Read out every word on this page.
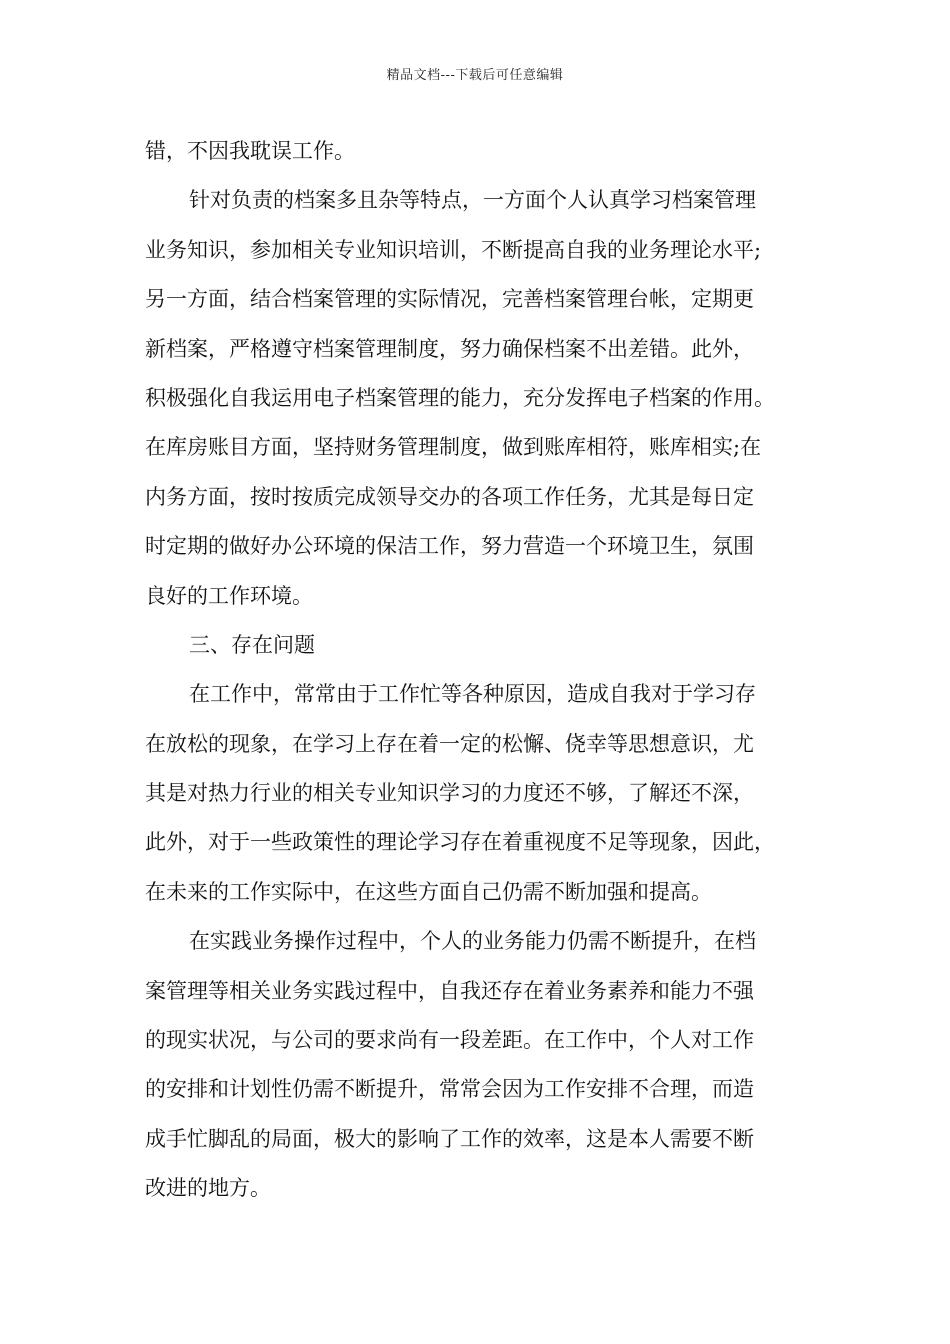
精品文档---下载后可任意编辑
错，不因我耽误工作。
针对负责的档案多且杂等特点，一方面个人认真学习档案管理
业务知识，参加相关专业知识培训，不断提高自我的业务理论水平;
另一方面，结合档案管理的实际情况，完善档案管理台帐，定期更
新档案，严格遵守档案管理制度，努力确保档案不出差错。此外，
积极强化自我运用电子档案管理的能力，充分发挥电子档案的作用。
在库房账目方面，坚持财务管理制度，做到账库相符，账库相实;在
内务方面，按时按质完成领导交办的各项工作任务，尤其是每日定
时定期的做好办公环境的保洁工作，努力营造一个环境卫生，氛围
良好的工作环境。
三、存在问题
在工作中，常常由于工作忙等各种原因，造成自我对于学习存
在放松的现象，在学习上存在着一定的松懈、侥幸等思想意识，尤
其是对热力行业的相关专业知识学习的力度还不够，了解还不深，
此外，对于一些政策性的理论学习存在着重视度不足等现象，因此，
在未来的工作实际中，在这些方面自己仍需不断加强和提高。
在实践业务操作过程中，个人的业务能力仍需不断提升，在档
案管理等相关业务实践过程中，自我还存在着业务素养和能力不强
的现实状况，与公司的要求尚有一段差距。在工作中，个人对工作
的安排和计划性仍需不断提升，常常会因为工作安排不合理，而造
成手忙脚乱的局面，极大的影响了工作的效率，这是本人需要不断
改进的地方。
